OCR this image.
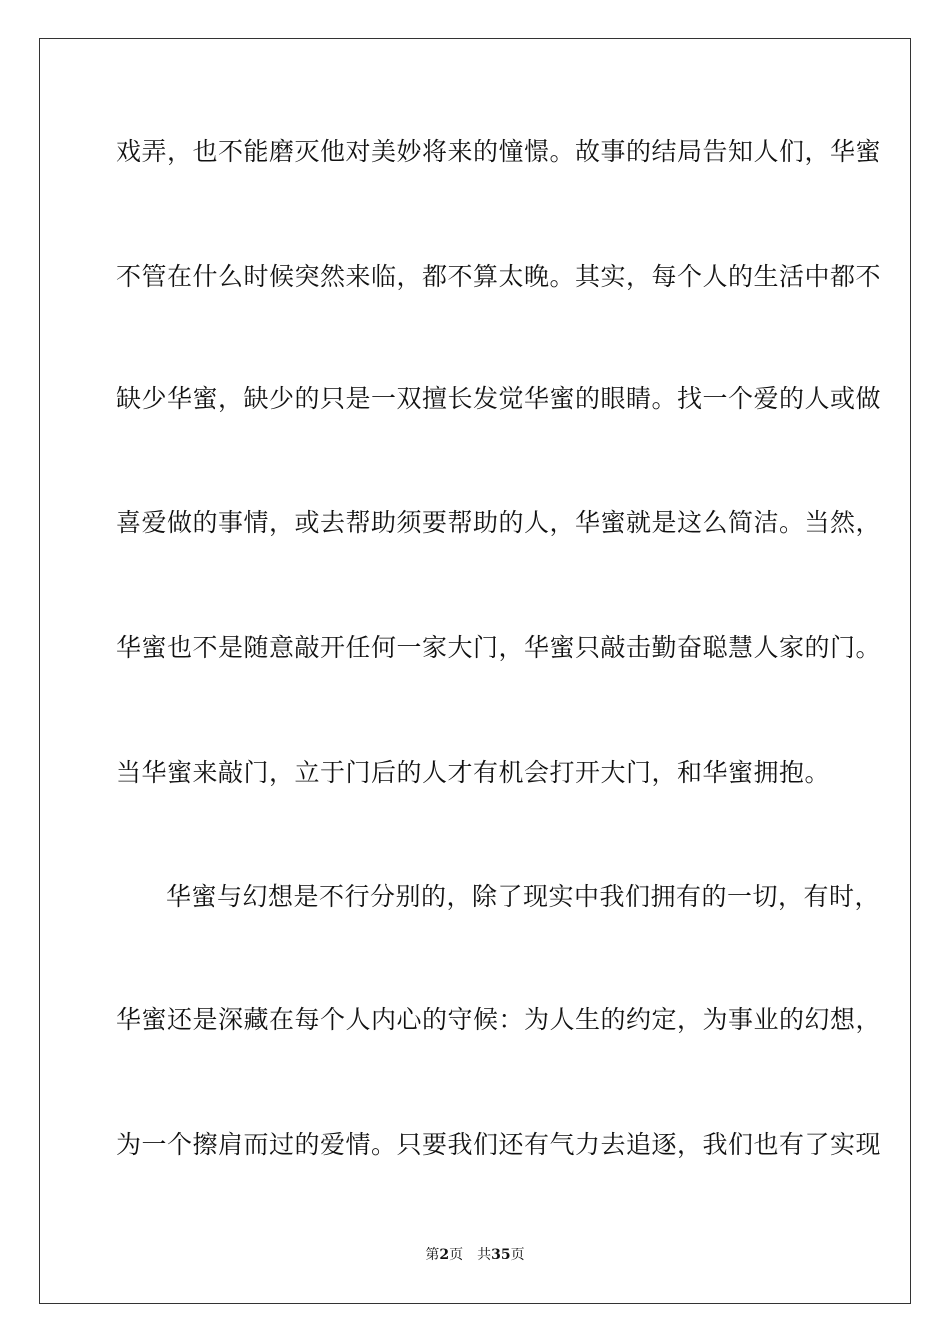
戏弄，也不能磨灭他对美妙将来的憧憬。故事的结局告知人们，华蜜
不管在什么时候突然来临，都不算太晚。其实，每个人的生活中都不
缺少华蜜，缺少的只是一双擅长发觉华蜜的眼睛。找一个爱的人或做
喜爱做的事情，或去帮助须要帮助的人，华蜜就是这么简洁。当然，
华蜜也不是随意敲开任何一家大门，华蜜只敲击勤奋聪慧人家的门。
当华蜜来敲门，立于门后的人才有机会打开大门，和华蜜拥抱。
华蜜与幻想是不行分别的，除了现实中我们拥有的一切，有时，
华蜜还是深藏在每个人内心的守候：为人生的约定，为事业的幻想，
为一个擦肩而过的爱情。只要我们还有气力去追逐，我们也有了实现
第2页 共35页
